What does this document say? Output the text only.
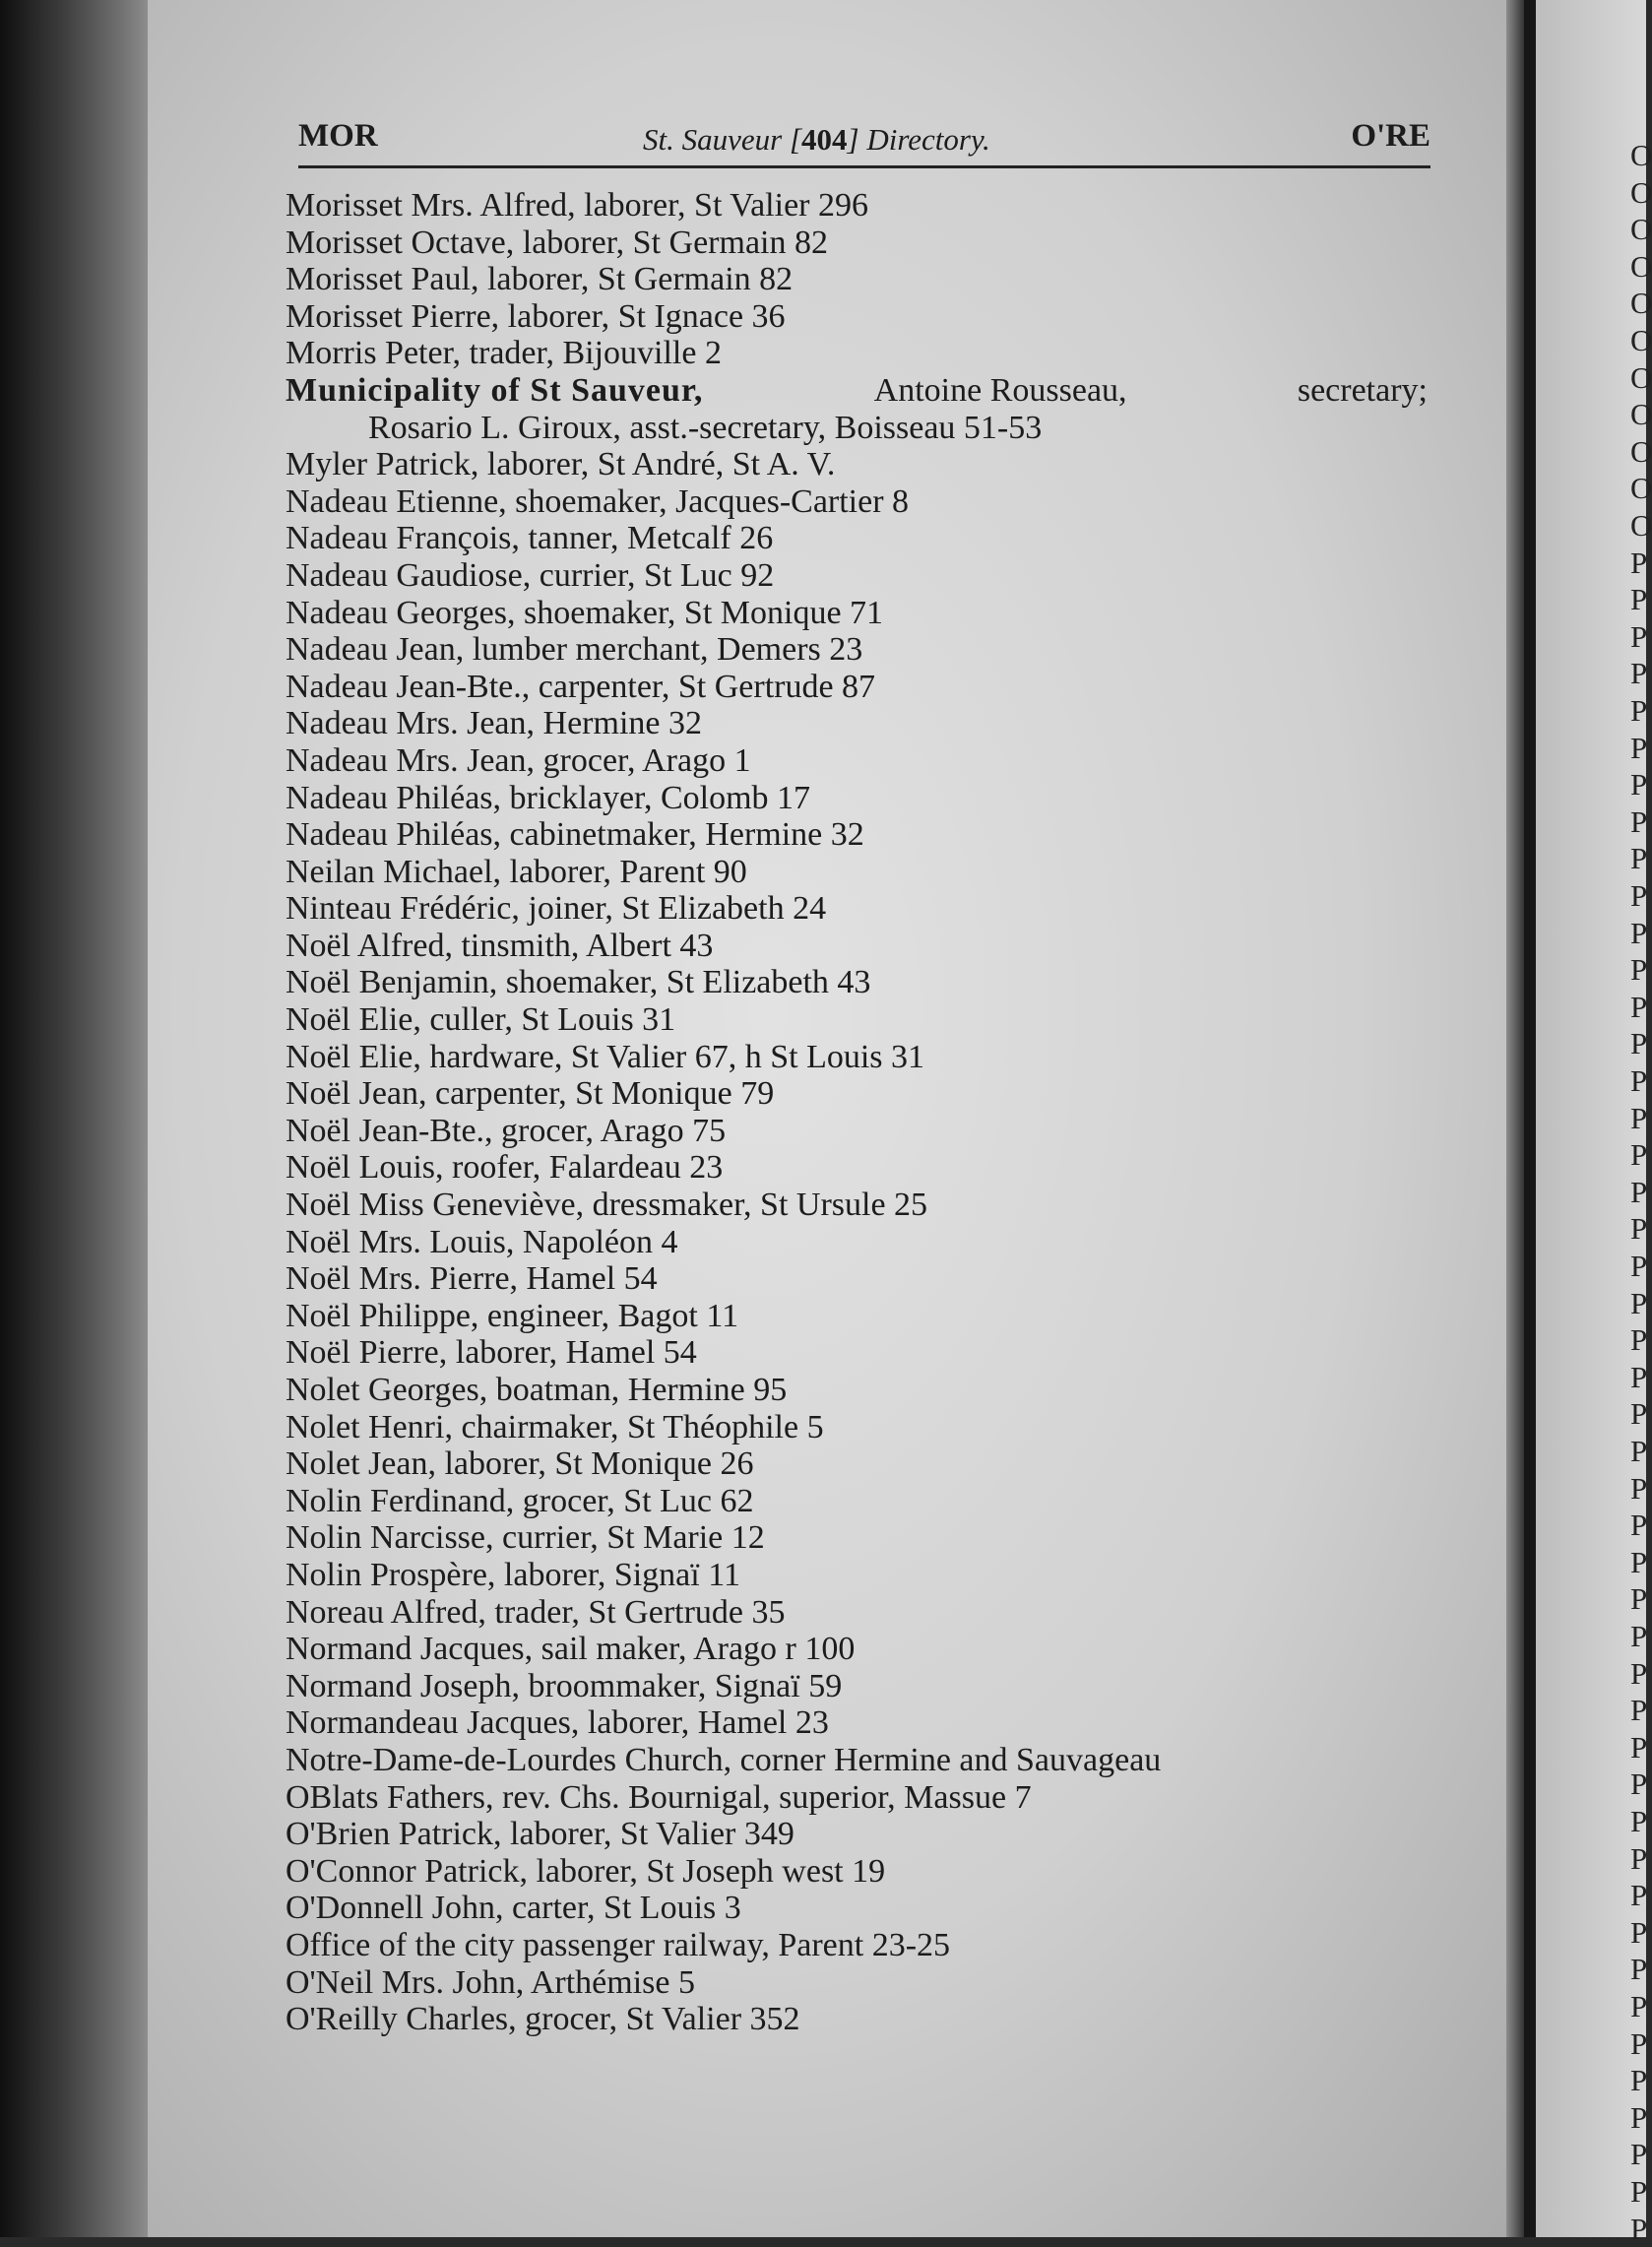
O
O
O
O
O
O
O
O
O
O
O
P
P
P
P
P
P
P
P
P
P
P
P
P
P
P
P
P
P
P
P
P
P
P
P
P
P
P
P
P
P
P
P
P
P
P
P
P
P
P
P
P
P
P
P
P
P
MOR	St. Sauveur [404] Directory.	O'RE
Morisset Mrs. Alfred, laborer, St Valier 296
Morisset Octave, laborer, St Germain 82
Morisset Paul, laborer, St Germain 82
Morisset Pierre, laborer, St Ignace 36
Morris Peter, trader, Bijouville 2
Municipality of St Sauveur,	Antoine Rousseau,	secretary;
Rosario L. Giroux, asst.-secretary, Boisseau 51-53
Myler Patrick, laborer, St André, St A. V.
Nadeau Etienne, shoemaker, Jacques-Cartier 8
Nadeau François, tanner, Metcalf 26
Nadeau Gaudiose, currier, St Luc 92
Nadeau Georges, shoemaker, St Monique 71
Nadeau Jean, lumber merchant, Demers 23
Nadeau Jean-Bte., carpenter, St Gertrude 87
Nadeau Mrs. Jean, Hermine 32
Nadeau Mrs. Jean, grocer, Arago 1
Nadeau Philéas, bricklayer, Colomb 17
Nadeau Philéas, cabinetmaker, Hermine 32
Neilan Michael, laborer, Parent 90
Ninteau Frédéric, joiner, St Elizabeth 24
Noël Alfred, tinsmith, Albert 43
Noël Benjamin, shoemaker, St Elizabeth 43
Noël Elie, culler, St Louis 31
Noël Elie, hardware, St Valier 67, h St Louis 31
Noël Jean, carpenter, St Monique 79
Noël Jean-Bte., grocer, Arago 75
Noël Louis, roofer, Falardeau 23
Noël Miss Geneviève, dressmaker, St Ursule 25
Noël Mrs. Louis, Napoléon 4
Noël Mrs. Pierre, Hamel 54
Noël Philippe, engineer, Bagot 11
Noël Pierre, laborer, Hamel 54
Nolet Georges, boatman, Hermine 95
Nolet Henri, chairmaker, St Théophile 5
Nolet Jean, laborer, St Monique 26
Nolin Ferdinand, grocer, St Luc 62
Nolin Narcisse, currier, St Marie 12
Nolin Prospère, laborer, Signaï 11
Noreau Alfred, trader, St Gertrude 35
Normand Jacques, sail maker, Arago r 100
Normand Joseph, broommaker, Signaï 59
Normandeau Jacques, laborer, Hamel 23
Notre-Dame-de-Lourdes Church, corner Hermine and Sauvageau
OBlats Fathers, rev. Chs. Bournigal, superior, Massue 7
O'Brien Patrick, laborer, St Valier 349
O'Connor Patrick, laborer, St Joseph west 19
O'Donnell John, carter, St Louis 3
Office of the city passenger railway, Parent 23-25
O'Neil Mrs. John, Arthémise 5
O'Reilly Charles, grocer, St Valier 352
